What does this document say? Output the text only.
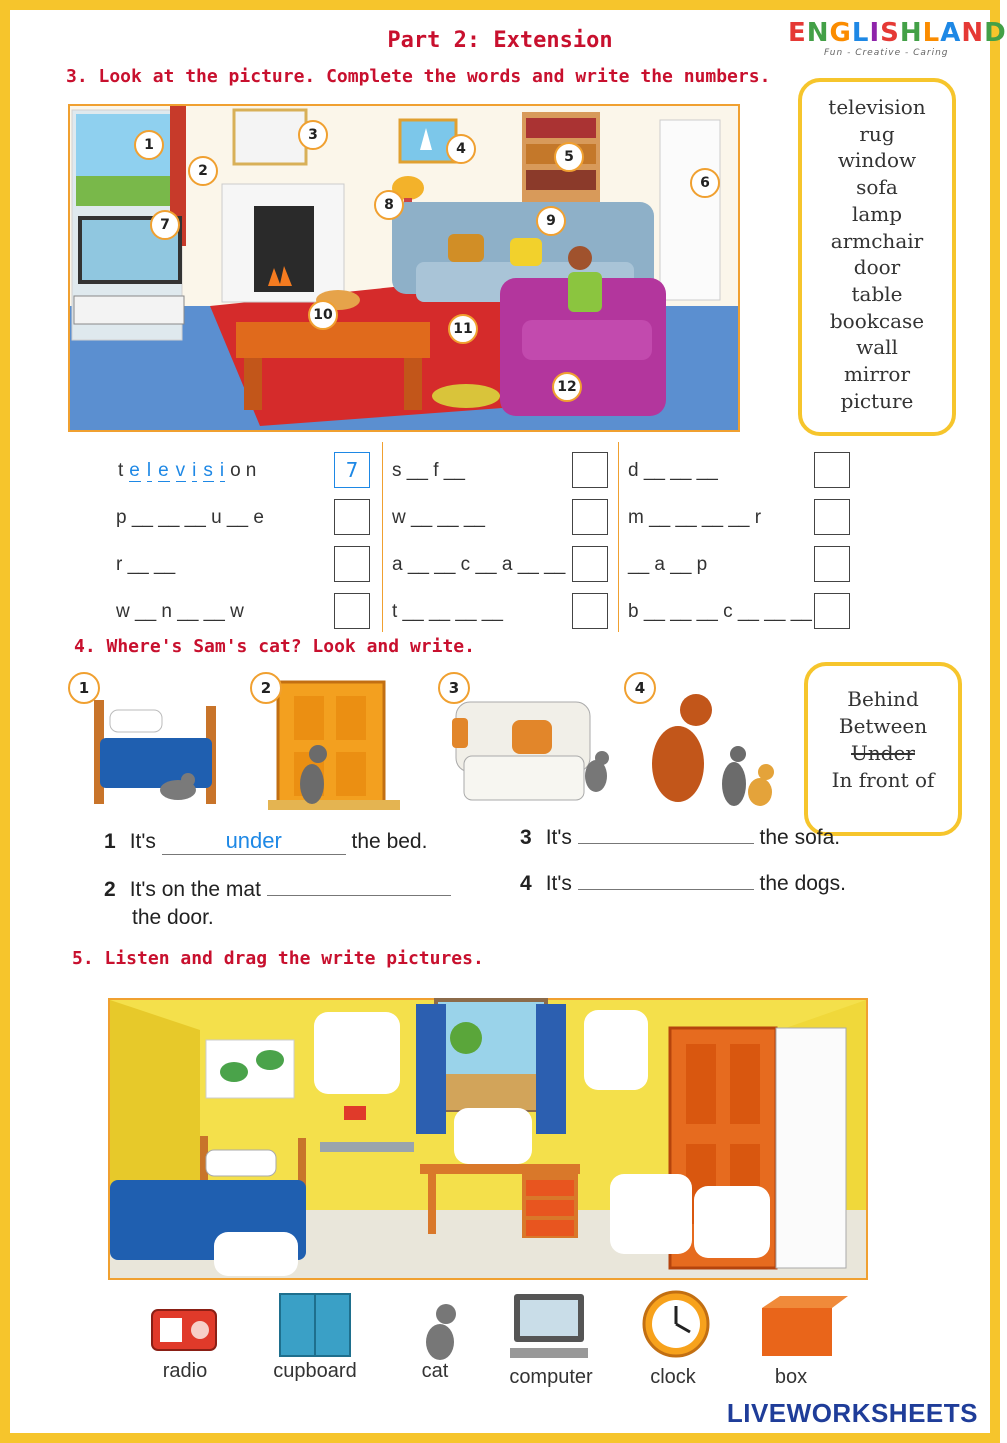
Part 2: Extension	ENGLISHLAND
Fun - Creative - Caring
3. Look at the picture. Complete the words and write the numbers.
1
2
3
4	5
6
7
8
9
10
11
12
television
rug
window
sofa
lamp
armchair
door
table
bookcase
wall
mirror
picture
t e l e v i s i o n	7	s __ f __	d __ __ __
p __ __ __ u __ e	w __ __ __	m __ __ __ __ r
r __ __	a __ __ c __ a __ __	__ a __ p
w __ n __ __ w	t __ __ __ __	b __ __ __ c __ __ __
4. Where's Sam's cat? Look and write.
1	2	3	4	Behind
Between
Under
In front of
1 It's	under	the bed.
2 It's on the mat
the door.
3 It's	the sofa.
4 It's	the dogs.
5. Listen and drag the write pictures.
radio	cupboard	cat	computer	clock	box
LIVEWORKSHEETS
